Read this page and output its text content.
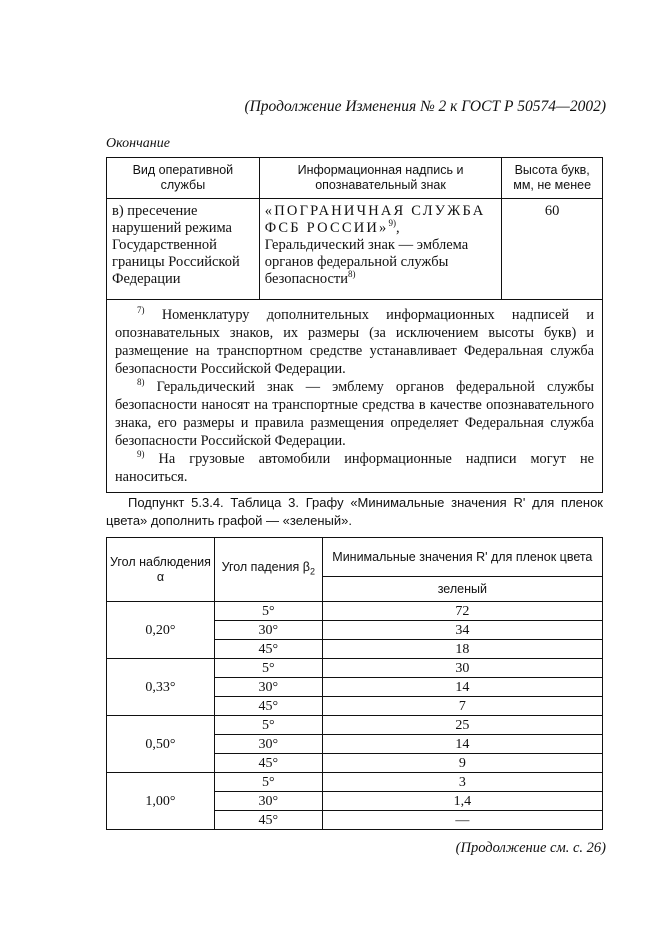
(Продолжение Изменения № 2 к ГОСТ Р 50574—2002)
Окончание
Вид оперативной службы	Информационная надпись и опознавательный знак	Высота букв, мм, не менее
в) пресечение нарушений режима Государственной границы Российской Федерации	«ПОГРАНИЧНАЯ СЛУЖБА ФСБ РОССИИ»$^{9)}$, Геральдический знак — эмблема органов федеральной службы безопасности$^{8)}$	60

$^{7)}$ Номенклатуру дополнительных информационных надписей и опознавательных знаков, их размеры (за исключением высоты букв) и размещение на транспортном средстве устанавливает Федеральная служба безопасности Российской Федерации.

$^{8)}$ Геральдический знак — эмблему органов федеральной службы безопасности наносят на транспортные средства в качестве опознавательного знака, его размеры и правила размещения определяет Федеральная служба безопасности Российской Федерации.

$^{9)}$ На грузовые автомобили информационные надписи могут не наноситься.		

Подпункт 5.3.4. Таблица 3. Графу «Минимальные значения R' для пленок цвета» дополнить графой — «зеленый».
Угол наблюдения α	Угол падения $\beta_2$	Минимальные значения R' для пленок цвета
		зеленый
0,20°	5°	72
	30°	34
	45°	18
0,33°	5°	30
	30°	14
	45°	7
0,50°	5°	25
	30°	14
	45°	9
1,00°	5°	3
	30°	1,4
	45°	—
(Продолжение см. с. 26)
